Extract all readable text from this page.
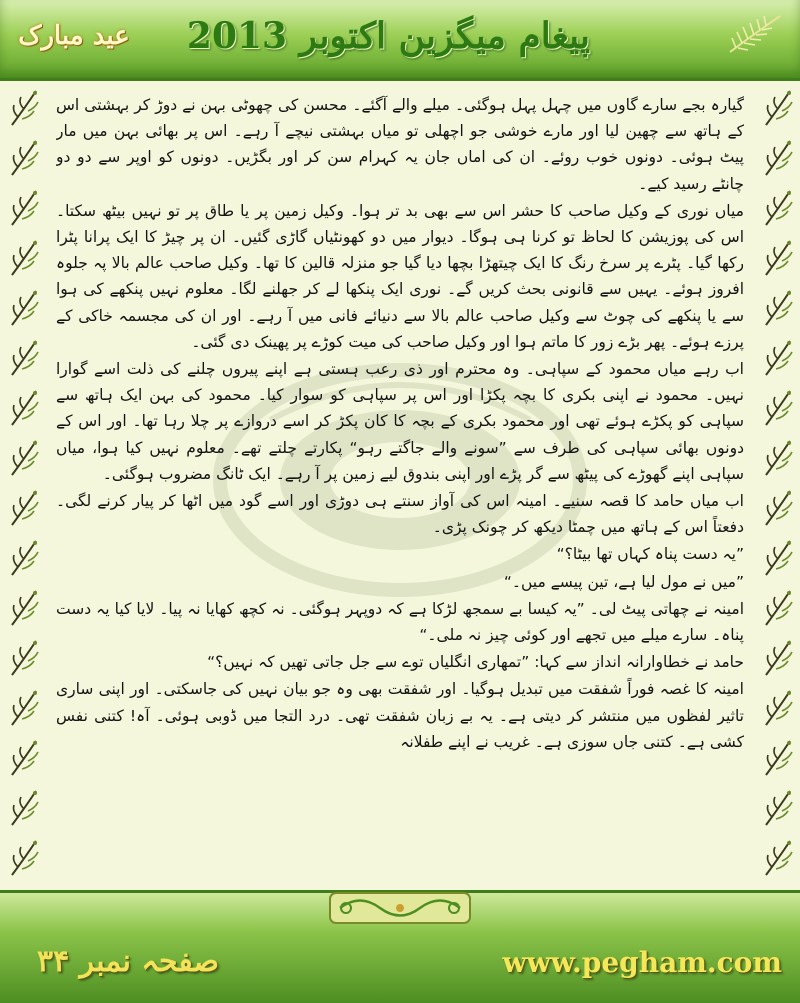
عید مبارک پیغام میگزین اکتوبر 2013

گیارہ بجے سارے گاوں میں چہل پہل ہوگئی۔ میلے والے آگئے۔ محسن کی چھوٹی بہن نے دوڑ کر بہشتی اس کے ہاتھ سے چھین لیا اور مارے خوشی جو اچھلی تو میاں بہشتی نیچے آ رہے۔ اس پر بھائی بہن میں مار پیٹ ہوئی۔ دونوں خوب روئے۔ ان کی اماں جان یہ کہرام سن کر اور بگڑیں۔ دونوں کو اوپر سے دو دو چانٹے رسید کیے۔

میاں نوری کے وکیل صاحب کا حشر اس سے بھی بد تر ہوا۔ وکیل زمین پر یا طاق پر تو نہیں بیٹھ سکتا۔ اس کی پوزیشن کا لحاظ تو کرنا ہی ہوگا۔ دیوار میں دو کھونٹیاں گاڑی گئیں۔ ان پر چیڑ کا ایک پرانا پٹرا رکھا گیا۔ پٹرے پر سرخ رنگ کا ایک چیتھڑا بچھا دیا گیا جو منزلہ قالین کا تھا۔ وکیل صاحب عالم بالا پہ جلوہ افروز ہوئے۔ یہیں سے قانونی بحث کریں گے۔ نوری ایک پنکھا لے کر جھلنے لگا۔ معلوم نہیں پنکھے کی ہوا سے یا پنکھے کی چوٹ سے وکیل صاحب عالم بالا سے دنیائے فانی میں آ رہے۔ اور ان کی مجسمہ خاکی کے پرزے ہوئے۔ پھر بڑے زور کا ماتم ہوا اور وکیل صاحب کی میت کوڑے پر پھینک دی گئی۔

اب رہے میاں محمود کے سپاہی۔ وہ محترم اور ذی رعب ہستی ہے اپنے پیروں چلنے کی ذلت اسے گوارا نہیں۔ محمود نے اپنی بکری کا بچہ پکڑا اور اس پر سپاہی کو سوار کیا۔ محمود کی بہن ایک ہاتھ سے سپاہی کو پکڑے ہوئے تھی اور محمود بکری کے بچہ کا کان پکڑ کر اسے دروازے پر چلا رہا تھا۔ اور اس کے دونوں بھائی سپاہی کی طرف سے ”سونے والے جاگتے رہو“ پکارتے چلتے تھے۔ معلوم نہیں کیا ہوا، میاں سپاہی اپنے گھوڑے کی پیٹھ سے گر پڑے اور اپنی بندوق لیے زمین پر آ رہے۔ ایک ٹانگ مضروب ہوگئی۔

اب میاں حامد کا قصہ سنیے۔ امینہ اس کی آواز سنتے ہی دوڑی اور اسے گود میں اٹھا کر پیار کرنے لگی۔ دفعتاً اس کے ہاتھ میں چمٹا دیکھ کر چونک پڑی۔

”یہ دست پناہ کہاں تھا بیٹا؟“

”میں نے مول لیا ہے، تین پیسے میں۔“

امینہ نے چھاتی پیٹ لی۔ ”یہ کیسا بے سمجھ لڑکا ہے کہ دوپہر ہوگئی۔ نہ کچھ کھایا نہ پیا۔ لایا کیا یہ دست پناہ۔ سارے میلے میں تجھے اور کوئی چیز نہ ملی۔“

حامد نے خطاوارانہ انداز سے کہا: ”تمھاری انگلیاں توے سے جل جاتی تھیں کہ نہیں؟“

امینہ کا غصہ فوراً شفقت میں تبدیل ہوگیا۔ اور شفقت بھی وہ جو بیان نہیں کی جاسکتی۔ اور اپنی ساری تاثیر لفظوں میں منتشر کر دیتی ہے۔ یہ بے زبان شفقت تھی۔ درد التجا میں ڈوبی ہوئی۔ آہ! کتنی نفس کشی ہے۔ کتنی جاں سوزی ہے۔ غریب نے اپنے طفلانہ

صفحہ نمبر ۳۴	www.pegham.com
